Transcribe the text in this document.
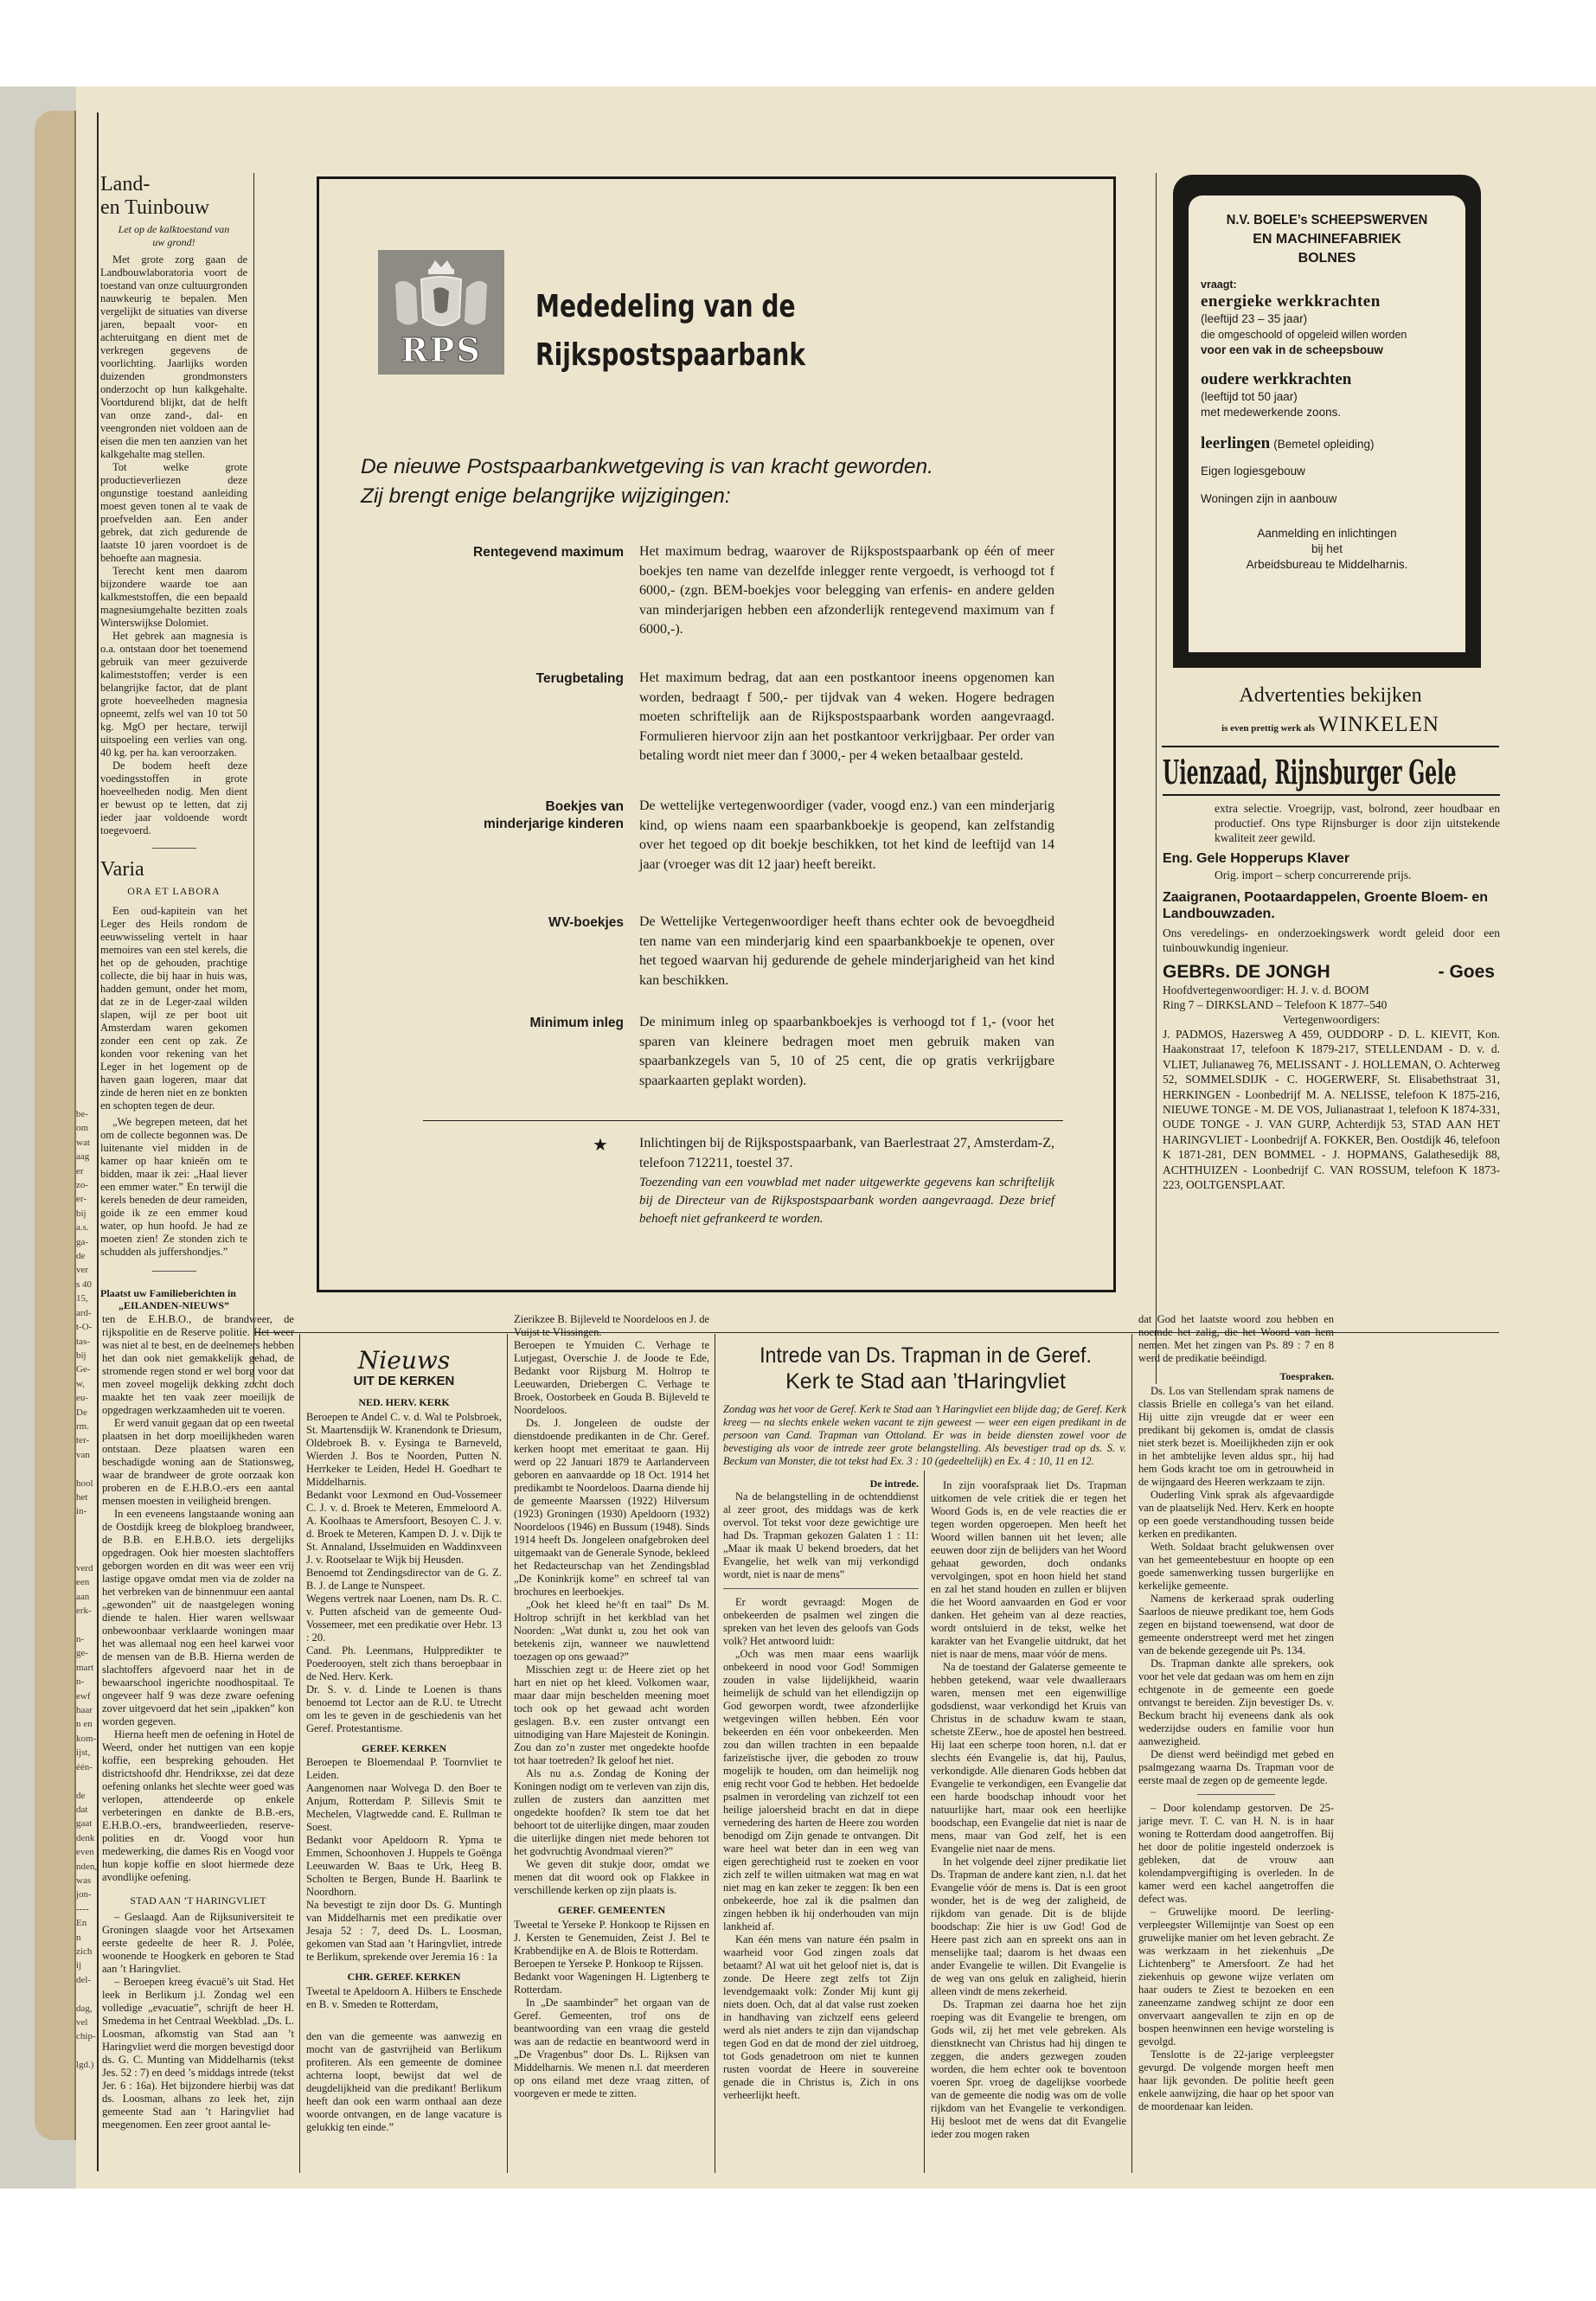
be-
om
wat
aag
er
zo-
er-
bij
a.s.
ga-
de
ver
s 40
15,
ard-
t-O-
tas-
bij
Ge-
w,
eu-
De
rm.
ter-
van

hool
het
in-

verd
een
aan
erk-

n-
ge-
mart
n-
ewf
haar
n en
kom-
ijst,
één-

de
dat
gaat
denk
even
nden,
was
jon-
----
En
n zich
ij
del-

dag,
vel
chip-

lgd.)
Land-
en Tuinbouw
Let op de kalktoestand van uw grond!

Met grote zorg gaan de Landbouwlaboratoria voort de toestand van onze cultuurgronden nauwkeurig te bepalen. Men vergelijkt de situaties van diverse jaren, bepaalt voor- en achteruitgang en dient met de verkregen gegevens de voorlichting. Jaarlijks worden duizenden grondmonsters onderzocht op hun kalkgehalte. Voortdurend blijkt, dat de helft van onze zand-, dal- en veengronden niet voldoen aan de eisen die men ten aanzien van het kalkgehalte mag stellen.

Tot welke grote productieverliezen deze ongunstige toestand aanleiding moest geven tonen al te vaak de proefvelden aan. Een ander gebrek, dat zich gedurende de laatste 10 jaren voordoet is de behoefte aan magnesia.

Terecht kent men daarom bijzondere waarde toe aan kalkmeststoffen, die een bepaald magnesiumgehalte bezitten zoals Winterswijkse Dolomiet.

Het gebrek aan magnesia is o.a. ontstaan door het toenemend gebruik van meer gezuiverde kalimeststoffen; verder is een belangrijke factor, dat de plant grote hoeveelheden magnesia opneemt, zelfs wel van 10 tot 50 kg. MgO per hectare, terwijl uitspoeling een verlies van ong. 40 kg. per ha. kan veroorzaken.

De bodem heeft deze voedingsstoffen in grote hoeveelheden nodig. Men dient er bewust op te letten, dat zij ieder jaar voldoende wordt toegevoerd.

Varia
ORA ET LABORA

Een oud-kapitein van het Leger des Heils rondom de eeuwwisseling vertelt in haar memoires van een stel kerels, die het op de gehouden, prachtige collecte, die bij haar in huis was, hadden gemunt, onder het mom, dat ze in de Leger-zaal wilden slapen, wijl ze per boot uit Amsterdam waren gekomen zonder een cent op zak. Ze konden voor rekening van het Leger in het logement op de haven gaan logeren, maar dat zinde de heren niet en ze bonkten en schopten tegen de deur.

„We begrepen meteen, dat het om de collecte begonnen was. De luitenante viel midden in de kamer op haar knieën om te bidden, maar ik zei: „Haal liever een emmer water.” En terwijl die kerels beneden de deur rameiden, goide ik ze een emmer koud water, op hun hoofd. Je had ze moeten zien! Ze stonden zich te schudden als juffershondjes.”

Plaatst uw Familieberichten in
„EILANDEN-NIEUWS”
RPS
Mededeling van de
Rijkspostspaarbank
De nieuwe Postspaarbankwetgeving is van kracht geworden.
Zij brengt enige belangrijke wijzigingen:
Rentegevend maximum Het maximum bedrag, waarover de Rijkspostspaarbank op één of meer boekjes ten name van dezelfde inlegger rente vergoedt, is verhoogd tot f 6000,- (zgn. BEM-boekjes voor belegging van erfenis- en andere gelden van minderjarigen hebben een afzonderlijk rentegevend maximum van f 6000,-).
Terugbetaling Het maximum bedrag, dat aan een postkantoor ineens opgenomen kan worden, bedraagt f 500,- per tijdvak van 4 weken. Hogere bedragen moeten schriftelijk aan de Rijkspostspaarbank worden aangevraagd. Formulieren hiervoor zijn aan het postkantoor verkrijgbaar. Per order van betaling wordt niet meer dan f 3000,- per 4 weken betaalbaar gesteld.
Boekjes van minderjarige kinderen
De wettelijke vertegenwoordiger (vader, voogd enz.) van een minderjarig kind, op wiens naam een spaarbankboekje is geopend, kan zelfstandig over het tegoed op dit boekje beschikken, tot het kind de leeftijd van 14 jaar (vroeger was dit 12 jaar) heeft bereikt.
WV-boekjes De Wettelijke Vertegenwoordiger heeft thans echter ook de bevoegdheid ten name van een minderjarig kind een spaarbankboekje te openen, over het tegoed waarvan hij gedurende de gehele minderjarigheid van het kind kan beschikken.
Minimum inleg De minimum inleg op spaarbankboekjes is verhoogd tot f 1,- (voor het sparen van kleinere bedragen moet men gebruik maken van spaarbankzegels van 5, 10 of 25 cent, die op gratis verkrijgbare spaarkaarten geplakt worden).
★ Inlichtingen bij de Rijkspostspaarbank, van Baerlestraat 27, Amsterdam-Z, telefoon 712211, toestel 37.
Toezending van een vouwblad met nader uitgewerkte gegevens kan schriftelijk bij de Directeur van de Rijkspostspaarbank worden aangevraagd. Deze brief behoeft niet gefrankeerd te worden.
N.V. BOELE’s SCHEEPSWERVEN
EN MACHINEFABRIEK
BOLNES
vraagt:
energieke werkkrachten
(leeftijd 23 – 35 jaar)
die omgeschoold of opgeleid willen worden
voor een vak in de scheepsbouw
oudere werkkrachten
(leeftijd tot 50 jaar)
met medewerkende zoons.
leerlingen (Bemetel opleiding)
Eigen logiesgebouw
Woningen zijn in aanbouw
Aanmelding en inlichtingen
bij het
Arbeidsbureau te Middelharnis.
Advertenties bekijken
is even prettig werk als WINKELEN
Uienzaad, Rijnsburger Gele
extra selectie. Vroegrijp, vast, bolrond, zeer houdbaar en productief. Ons type Rijnsburger is door zijn uitstekende kwaliteit zeer gewild.
Eng. Gele Hopperups Klaver
Orig. import – scherp concurrerende prijs.
Zaaigranen, Pootaardappelen, Groente Bloem- en Landbouwzaden.
Ons veredelings- en onderzoekingswerk wordt geleid door een tuinbouwkundig ingenieur.
GEBRs. DE JONGH	- Goes
Hoofdvertegenwoordiger: H. J. v. d. BOOM
Ring 7 – DIRKSLAND – Telefoon K 1877–540
Vertegenwoordigers:
J. PADMOS, Hazersweg A 459, OUDDORP - D. L. KIEVIT, Kon. Haakonstraat 17, telefoon K 1879-217, STELLENDAM - D. v. d. VLIET, Julianaweg 76, MELISSANT - J. HOLLEMAN, O. Achterweg 52, SOMMELSDIJK - C. HOGERWERF, St. Elisabethstraat 31, HERKINGEN - Loonbedrijf M. A. NELISSE, telefoon K 1875-216, NIEUWE TONGE - M. DE VOS, Julianastraat 1, telefoon K 1874-331, OUDE TONGE - J. VAN GURP, Achterdijk 53, STAD AAN HET HARINGVLIET - Loonbedrijf A. FOKKER, Ben. Oostdijk 46, telefoon K 1871-281, DEN BOMMEL - J. HOPMANS, Galathesedijk 88, ACHTHUIZEN - Loonbedrijf C. VAN ROSSUM, telefoon K 1873-223, OOLTGENSPLAAT.

ten de E.H.B.O., de brandweer, de rijkspolitie en de Reserve politie. Het weer was niet al te best, en de deelnemers hebben het dan ook niet gemakkelijk gehad, de stromende regen stond er wel borg voor dat men zoveel mogelijk dekking zocht doch maakte het ten vaak zeer moeilijk de opgedragen werkzaamheden uit te voeren.

Er werd vanuit gegaan dat op een tweetal plaatsen in het dorp moeilijkheden waren ontstaan. Deze plaatsen waren een beschadigde woning aan de Stationsweg, waar de brandweer de grote oorzaak kon proberen en de E.H.B.O.-ers een aantal mensen moesten in veiligheid brengen.

In een eveneens langstaande woning aan de Oostdijk kreeg de blokploeg brandweer, de B.B. en E.H.B.O. iets dergelijks opgedragen. Ook hier moesten slachtoffers geborgen worden en dit was weer een vrij lastige opgave omdat men via de zolder na het verbreken van de binnenmuur een aantal „gewonden” uit de naastgelegen woning diende te halen. Hier waren wellswaar onbewoonbaar verklaarde woningen maar het was allemaal nog een heel karwei voor de mensen van de B.B. Hierna werden de slachtoffers afgevoerd naar het in de bewaarschool ingerichte noodhospitaal. Te ongeveer half 9 was deze zware oefening zover uitgevoerd dat het sein „ipakken” kon worden gegeven.

Hierna heeft men de oefening in Hotel de Weerd, onder het nuttigen van een kopje koffie, een bespreking gehouden. Het districtshoofd dhr. Hendrikxse, zei dat deze oefening onlanks het slechte weer goed was verlopen, attendeerde op enkele verbeteringen en dankte de B.B.-ers, E.H.B.O.-ers, brandweerlieden, reserve-polities en dr. Voogd voor hun medewerking, die dames Ris en Voogd voor hun kopje koffie en sloot hiermede deze avondlijke oefening.

STAD AAN ’T HARINGVLIET

– Geslaagd. Aan de Rijksuniversiteit te Groningen slaagde voor het Artsexamen eerste gedeelte de heer R. J. Polée, woonende te Hoogkerk en geboren te Stad aan ’t Haringvliet.

– Beroepen kreeg évacuë’s uit Stad. Het leek in Berlikum j.l. Zondag wel een volledige „evacuatie”, schrijft de heer H. Smedema in het Centraal Weekblad. „Ds. L. Loosman, afkomstig van Stad aan ’t Haringvliet werd die morgen bevestigd door ds. G. C. Munting van Middelharnis (tekst Jes. 52 : 7) en deed ’s middags intrede (tekst Jer. 6 : 16a). Het bijzondere hierbij was dat ds. Loosman, alhans zo leek het, zijn gemeente Stad aan ’t Haringvliet had meegenomen. Een zeer groot aantal le-

Nieuws
UIT DE KERKEN
NED. HERV. KERK

Beroepen te Andel C. v. d. Wal te Polsbroek, St. Maartensdijk W. Kranendonk te Driesum, Oldebroek B. v. Eysinga te Barneveld, Wierden J. Bos te Noorden, Putten N. Herrkeker te Leiden, Hedel H. Goedhart te Middelharnis.

Bedankt voor Lexmond en Oud-Vossemeer C. J. v. d. Broek te Meteren, Emmeloord A. A. Koolhaas te Amersfoort, Besoyen C. J. v. d. Broek te Meteren, Kampen D. J. v. Dijk te St. Annaland, IJsselmuiden en Waddinxveen J. v. Rootselaar te Wijk bij Heusden.

Benoemd tot Zendingsdirector van de G. Z. B. J. de Lange te Nunspeet.

Wegens vertrek naar Loenen, nam Ds. R. C. v. Putten afscheid van de gemeente Oud-Vossemeer, met een predikatie over Hebr. 13 : 20.

Cand. Ph. Leenmans, Hulppredikter te Poederooyen, stelt zich thans beroepbaar in de Ned. Herv. Kerk.

Dr. S. v. d. Linde te Loenen is thans benoemd tot Lector aan de R.U. te Utrecht om les te geven in de geschiedenis van het Geref. Protestantisme.

GEREF. KERKEN

Beroepen te Bloemendaal P. Toornvliet te Leiden.

Aangenomen naar Wolvega D. den Boer te Anjum, Rotterdam P. Sillevis Smit te Mechelen, Vlagtwedde cand. E. Rullman te Soest.

Bedankt voor Apeldoorn R. Ypma te Emmen, Schoonhoven J. Huppels te Goënga Leeuwarden W. Baas te Urk, Heeg B. Scholten te Bergen, Bunde H. Baarlink te Noordhorn.

Na bevestigt te zijn door Ds. G. Muntingh van Middelharnis met een predikatie over Jesaja 52 : 7, deed Ds. L. Loosman, gekomen van Stad aan ’t Haringvliet, intrede te Berlikum, sprekende over Jeremia 16 : 1a

CHR. GEREF. KERKEN

Tweetal te Apeldoorn A. Hilbers te Enschede en B. v. Smeden te Rotterdam,

den van die gemeente was aanwezig en mocht van de gastvrijheid van Berlikum profiteren. Als een gemeente de dominee achterna loopt, bewijst dat wel de deugdelijkheid van die predikant! Berlikum heeft dan ook een warm onthaal aan deze woorde ontvangen, en de lange vacature is gelukkig ten einde.”

Zierikzee B. Bijleveld te Noordeloos en J. de Vuijst te Vlissingen.

Beroepen te Ymuiden C. Verhage te Lutjegast, Overschie J. de Joode te Ede, Bedankt voor Rijsburg M. Holtrop te Leeuwarden, Driebergen C. Verhage te Broek, Oostorbeek en Gouda B. Bijleveld te Noordeloos.

Ds. J. Jongeleen de oudste der dienstdoende predikanten in de Chr. Geref. kerken hoopt met emeritaat te gaan. Hij werd op 22 Januari 1879 te Aarlanderveen geboren en aanvaardde op 18 Oct. 1914 het predikambt te Noordeloos. Daarna diende hij de gemeente Maarssen (1922) Hilversum (1923) Groningen (1930) Apeldoorn (1932) Noordeloos (1946) en Bussum (1948). Sinds 1914 heeft Ds. Jongeleen onafgebroken deel uitgemaakt van de Generale Synode, bekleed het Redacteurschap van het Zendingsblad „De Koninkrijk kome” en schreef tal van brochures en leerboekjes.

„Ook het kleed he^ft en taal” Ds M. Holtrop schrijft in het kerkblad van het Noorden: „Wat dunkt u, zou het ook van betekenis zijn, wanneer we nauwlettend toezagen op ons gewaad?”

Misschien zegt u: de Heere ziet op het hart en niet op het kleed. Volkomen waar, maar daar mijn beschelden meening moet toch ook op het gewaad acht worden geslagen. B.v. een zuster ontvangt een uitnodiging van Hare Majesteit de Koningin. Zou dan zo’n zuster met ongedekte hoofde tot haar toetreden? Ik geloof het niet.

Als nu a.s. Zondag de Koning der Koningen nodigt om te verleven van zijn dis, zullen de zusters dan aanzitten met ongedekte hoofden? Ik stem toe dat het behoort tot de uiterlijke dingen, maar zouden die uiterlijke dingen niet mede behoren tot het godvruchtig Avondmaal vieren?”

We geven dit stukje door, omdat we menen dat dit woord ook op Flakkee in verschillende kerken op zijn plaats is.

GEREF. GEMEENTEN

Tweetal te Yerseke P. Honkoop te Rijssen en J. Kersten te Genemuiden, Zeist J. Bel te Krabbendijke en A. de Blois te Rotterdam.

Beroepen te Yerseke P. Honkoop te Rijssen.

Bedankt voor Wageningen H. Ligtenberg te Rotterdam.

In „De saambinder” het orgaan van de Geref. Gemeenten, trof ons de beantwoording van een vraag die gesteld was aan de redactie en beantwoord werd in „De Vragenbus” door Ds. L. Rijksen van Middelharnis. We menen n.l. dat meerderen op ons eiland met deze vraag zitten, of voorgeven er mede te zitten.

Intrede van Ds. Trapman in de Geref.
Kerk te Stad aan ’tHaringvliet
Zondag was het voor de Geref. Kerk te Stad aan ’t Haringvliet een blijde dag; de Geref. Kerk kreeg — na slechts enkele weken vacant te zijn geweest — weer een eigen predikant in de persoon van Cand. Trapman van Ottoland. Er was in beide diensten zowel voor de bevestiging als voor de intrede zeer grote belangstelling. Als bevestiger trad op ds. S. v. Beckum van Monster, die tot tekst had Ex. 3 : 10 (gedeeltelijk) en Ex. 4 : 10, 11 en 12.
De intrede.

Na de belangstelling in de ochtenddienst al zeer groot, des middags was de kerk overvol. Tot tekst voor deze gewichtige ure had Ds. Trapman gekozen Galaten 1 : 11: „Maar ik maak U bekend broeders, dat het Evangelie, het welk van mij verkondigd wordt, niet is naar de mens”

Er wordt gevraagd: Mogen de onbekeerden de psalmen wel zingen die spreken van het leven des geloofs van Gods volk? Het antwoord luidt:

„Och was men maar eens waarlijk onbekeerd in nood voor God! Sommigen zouden in valse lijdelijkheid, waarin heimelijk de schuld van het ellendigzijn op God geworpen wordt, twee afzonderlijke wetgevingen willen hebben. Eén voor bekeerden en één voor onbekeerden. Men zou dan willen trachten in een bepaalde farizeïstische ijver, die geboden zo trouw mogelijk te houden, om dan heimelijk nog enig recht voor God te hebben. Het bedoelde psalmen in verordeling van zichzelf tot een heilige jaloersheid bracht en dat in diepe vernedering des harten de Heere zou worden benodigd om Zijn genade te ontvangen. Dit ware heel wat beter dan in een weg van eigen gerechtigheid rust te zoeken en voor zich zelf te willen uitmaken wat mag en wat niet mag en kan zeker te zeggen: Ik ben een onbekeerde, hoe zal ik die psalmen dan zingen hebben ik hij onderhouden van mijn lankheid af.

Kan één mens van nature één psalm in waarheid voor God zingen zoals dat betaamt? Al wat uit het geloof niet is, dat is zonde. De Heere zegt zelfs tot Zijn levendgemaakt volk: Zonder Mij kunt gij niets doen. Och, dat al dat valse rust zoeken in handhaving van zichzelf eens geleerd werd als niet anders te zijn dan vijandschap tegen God en dat de mond der ziel uitdroeg, tot Gods genadetroon om niet te kunnen rusten voordat de Heere in souvereine genade die in Christus is, Zich in ons verheerlijkt heeft.

In zijn voorafspraak liet Ds. Trapman uitkomen de vele critiek die er tegen het Woord Gods is, en de vele reacties die er tegen worden opgeroepen. Men heeft het Woord willen bannen uit het leven; alle eeuwen door zijn de belijders van het Woord gehaat geworden, doch ondanks vervolgingen, spot en hoon hield het stand en zal het stand houden en zullen er blijven die het Woord aanvaarden en God er voor danken. Het geheim van al deze reacties, wordt ontsluierd in de tekst, welke het karakter van het Evangelie uitdrukt, dat het niet is naar de mens, maar vóór de mens.

Na de toestand der Galaterse gemeente te hebben getekend, waar vele dwaalleraars waren, mensen met een eigenwillige godsdienst, waar verkondigd het Kruis van Christus in de schaduw kwam te staan, schetste ZEerw., hoe de apostel hen bestreed. Hij laat een scherpe toon horen, n.l. dat er slechts één Evangelie is, dat hij, Paulus, verkondigde. Alle dienaren Gods hebben dat Evangelie te verkondigen, een Evangelie dat een harde boodschap inhoudt voor het natuurlijke hart, maar ook een heerlijke boodschap, een Evangelie dat niet is naar de mens, maar van God zelf, het is een Evangelie niet naar de mens.

In het volgende deel zijner predikatie liet Ds. Trapman de andere kant zien, n.l. dat het Evangelie vóór de mens is. Dat is een groot wonder, het is de weg der zaligheid, de rijkdom van genade. Dit is de blijde boodschap: Zie hier is uw God! God de Heere past zich aan en spreekt ons aan in menselijke taal; daarom is het dwaas een ander Evangelie te willen. Dit Evangelie is de weg van ons geluk en zaligheid, hierin alleen vindt de mens zekerheid.

Ds. Trapman zei daarna hoe het zijn roeping was dit Evangelie te brengen, om Gods wil, zij het met vele gebreken. Als dienstknecht van Christus had hij dingen te zeggen, die anders gezwegen zouden worden, die hem echter ook te boventoon voeren Spr. vroeg de dagelijkse voorbede van de gemeente die nodig was om de volle rijkdom van het Evangelie te verkondigen. Hij besloot met de wens dat dit Evangelie ieder zou mogen raken

dat God het laatste woord zou hebben en noemde het zalig, die het Woord van hem nemen. Met het zingen van Ps. 89 : 7 en 8 werd de predikatie beëindigd.

Toespraken.

Ds. Los van Stellendam sprak namens de classis Brielle en collega’s van het eiland. Hij uitte zijn vreugde dat er weer een predikant bij gekomen is, omdat de classis niet sterk bezet is. Moeilijkheden zijn er ook in het ambtelijke leven aldus spr., hij had hem Gods kracht toe om in getrouwheid in de wijngaard des Heeren werkzaam te zijn.

Ouderling Vink sprak als afgevaardigde van de plaatselijk Ned. Herv. Kerk en hoopte op een goede verstandhouding tussen beide kerken en predikanten.

Weth. Soldaat bracht gelukwensen over van het gemeentebestuur en hoopte op een goede samenwerking tussen burgerlijke en kerkelijke gemeente.

Namens de kerkeraad sprak ouderling Saarloos de nieuwe predikant toe, hem Gods zegen en bijstand toewensend, wat door de gemeente onderstreept werd met het zingen van de bekende gezegende uit Ps. 134.

Ds. Trapman dankte alle sprekers, ook voor het vele dat gedaan was om hem en zijn echtgenote in de gemeente een goede ontvangst te bereiden. Zijn bevestiger Ds. v. Beckum bracht hij eveneens dank als ook wederzijdse ouders en familie voor hun aanwezigheid.

De dienst werd beëindigd met gebed en psalmgezang waarna Ds. Trapman voor de eerste maal de zegen op de gemeente legde.

– Door kolendamp gestorven. De 25-jarige mevr. T. C. van H. N. is in haar woning te Rotterdam dood aangetroffen. Bij het door de politie ingesteld onderzoek is gebleken, dat de vrouw aan kolendampvergiftiging is overleden. In de kamer werd een kachel aangetroffen die defect was.

– Gruwelijke moord. De leerling-verpleegster Willemijntje van Soest op een gruwelijke manier om het leven gebracht. Ze was werkzaam in het ziekenhuis „De Lichtenberg” te Amersfoort. Ze had het ziekenhuis op gewone wijze verlaten om haar ouders te Ziest te bezoeken en een zaneenzame zandweg schijnt ze door een onvervaart aangevallen te zijn en op de bospen heenwinnen een hevige worsteling is gevolgd.

Tenslotte is de 22-jarige verpleegster gevurgd. De volgende morgen heeft men haar lijk gevonden. De politie heeft geen enkele aanwijzing, die haar op het spoor van de moordenaar kan leiden.
